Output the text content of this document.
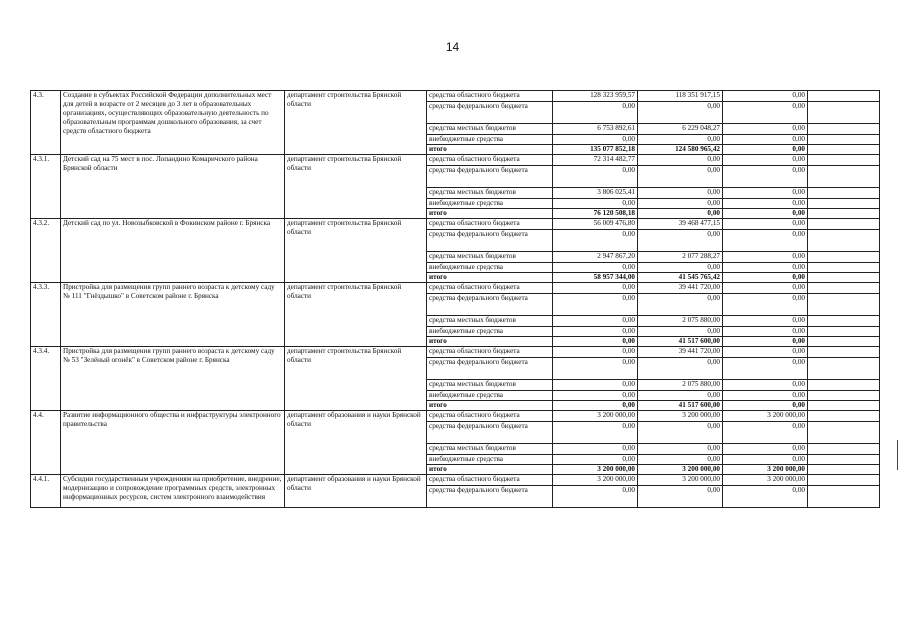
14
4.3.	Создание в субъектах Российской Федерации дополнительных мест для детей в возрасте от 2 месяцев до 3 лет в образовательных организациях, осуществляющих образовательную деятельность по образовательным программам дошкольного образования, за счет средств областного бюджета	департамент строительства Брянской области	средства областного бюджета	128 323 959,57	118 351 917,15	0,00	
			средства федерального бюджета	0,00	0,00	0,00	
			средства местных бюджетов	6 753 892,61	6 229 048,27	0,00	
			внебюджетные средства	0,00	0,00	0,00	
			итого	135 077 852,18	124 580 965,42	0,00	
4.3.1.	Детский сад на 75 мест в пос. Лопандино Комаричского района Брянской области	департамент строительства Брянской области	средства областного бюджета	72 314 482,77	0,00	0,00	
			средства федерального бюджета	0,00	0,00	0,00	
			средства местных бюджетов	3 806 025,41	0,00	0,00	
			внебюджетные средства	0,00	0,00	0,00	
			итого	76 120 508,18	0,00	0,00	
4.3.2.	Детский сад по ул. Новозыбковской в Фокинском районе г. Брянска	департамент строительства Брянской области	средства областного бюджета	56 009 476,80	39 468 477,15	0,00	
			средства федерального бюджета	0,00	0,00	0,00	
			средства местных бюджетов	2 947 867,20	2 077 288,27	0,00	
			внебюджетные средства	0,00	0,00	0,00	
			итого	58 957 344,00	41 545 765,42	0,00	
4.3.3.	Пристройка для размещения групп раннего возраста к детскому саду № 111 "Гнёздышко" в Советском районе г. Брянска	департамент строительства Брянской области	средства областного бюджета	0,00	39 441 720,00	0,00	
			средства федерального бюджета	0,00	0,00	0,00	
			средства местных бюджетов	0,00	2 075 880,00	0,00	
			внебюджетные средства	0,00	0,00	0,00	
			итого	0,00	41 517 600,00	0,00	
4.3.4.	Пристройка для размещения групп раннего возраста к детскому саду № 53 "Зелёный огонёк" в Советском районе г. Брянска	департамент строительства Брянской области	средства областного бюджета	0,00	39 441 720,00	0,00	
			средства федерального бюджета	0,00	0,00	0,00	
			средства местных бюджетов	0,00	2 075 880,00	0,00	
			внебюджетные средства	0,00	0,00	0,00	
			итого	0,00	41 517 600,00	0,00	
4.4.	Развитие информационного общества и инфраструктуры электронного правительства	департамент образования и науки Брянской области	средства областного бюджета	3 200 000,00	3 200 000,00	3 200 000,00	
			средства федерального бюджета	0,00	0,00	0,00	
			средства местных бюджетов	0,00	0,00	0,00	
			внебюджетные средства	0,00	0,00	0,00	
			итого	3 200 000,00	3 200 000,00	3 200 000,00	
4.4.1.	Субсидии государственным учреждениям на приобретение, внедрение, модернизацию и сопровождение программных средств, электронных информационных ресурсов, систем электронного взаимодействия	департамент образования и науки Брянской области	средства областного бюджета	3 200 000,00	3 200 000,00	3 200 000,00	
			средства федерального бюджета	0,00	0,00	0,00	
